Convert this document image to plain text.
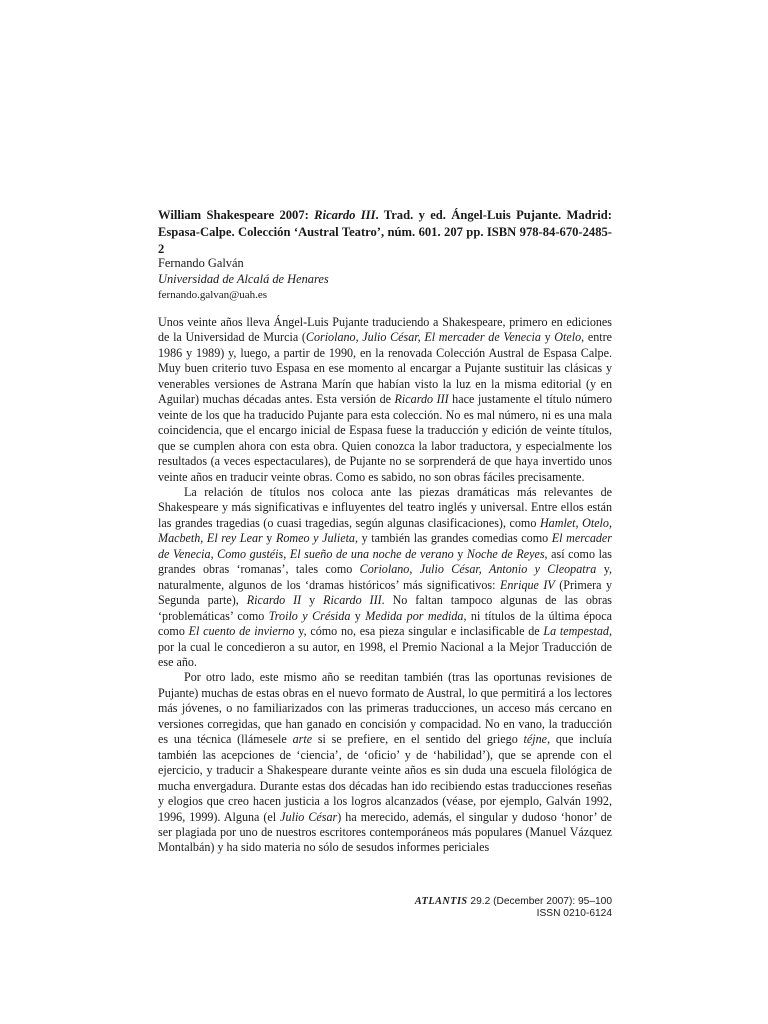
William Shakespeare 2007: Ricardo III. Trad. y ed. Ángel-Luis Pujante. Madrid: Espasa-Calpe. Colección ‘Austral Teatro’, núm. 601. 207 pp. ISBN 978-84-670-2485-2
Fernando Galván
Universidad de Alcalá de Henares
fernando.galvan@uah.es

Unos veinte años lleva Ángel-Luis Pujante traduciendo a Shakespeare, primero en ediciones de la Universidad de Murcia (Coriolano, Julio César, El mercader de Venecia y Otelo, entre 1986 y 1989) y, luego, a partir de 1990, en la renovada Colección Austral de Espasa Calpe. Muy buen criterio tuvo Espasa en ese momento al encargar a Pujante sustituir las clásicas y venerables versiones de Astrana Marín que habían visto la luz en la misma editorial (y en Aguilar) muchas décadas antes. Esta versión de Ricardo III hace justamente el título número veinte de los que ha traducido Pujante para esta colección. No es mal número, ni es una mala coincidencia, que el encargo inicial de Espasa fuese la traducción y edición de veinte títulos, que se cumplen ahora con esta obra. Quien conozca la labor traductora, y especialmente los resultados (a veces espectaculares), de Pujante no se sorprenderá de que haya invertido unos veinte años en traducir veinte obras. Como es sabido, no son obras fáciles precisamente.

La relación de títulos nos coloca ante las piezas dramáticas más relevantes de Shakespeare y más significativas e influyentes del teatro inglés y universal. Entre ellos están las grandes tragedias (o cuasi tragedias, según algunas clasificaciones), como Hamlet, Otelo, Macbeth, El rey Lear y Romeo y Julieta, y también las grandes comedias como El mercader de Venecia, Como gustéis, El sueño de una noche de verano y Noche de Reyes, así como las grandes obras ‘romanas’, tales como Coriolano, Julio César, Antonio y Cleopatra y, naturalmente, algunos de los ‘dramas históricos’ más significativos: Enrique IV (Primera y Segunda parte), Ricardo II y Ricardo III. No faltan tampoco algunas de las obras ‘problemáticas’ como Troilo y Crésida y Medida por medida, ni títulos de la última época como El cuento de invierno y, cómo no, esa pieza singular e inclasificable de La tempestad, por la cual le concedieron a su autor, en 1998, el Premio Nacional a la Mejor Traducción de ese año.

Por otro lado, este mismo año se reeditan también (tras las oportunas revisiones de Pujante) muchas de estas obras en el nuevo formato de Austral, lo que permitirá a los lectores más jóvenes, o no familiarizados con las primeras traducciones, un acceso más cercano en versiones corregidas, que han ganado en concisión y compacidad. No en vano, la traducción es una técnica (llámesele arte si se prefiere, en el sentido del griego téjne, que incluía también las acepciones de ‘ciencia’, de ‘oficio’ y de ‘habilidad’), que se aprende con el ejercicio, y traducir a Shakespeare durante veinte años es sin duda una escuela filológica de mucha envergadura. Durante estas dos décadas han ido recibiendo estas traducciones reseñas y elogios que creo hacen justicia a los logros alcanzados (véase, por ejemplo, Galván 1992, 1996, 1999). Alguna (el Julio César) ha merecido, además, el singular y dudoso ‘honor’ de ser plagiada por uno de nuestros escritores contemporáneos más populares (Manuel Vázquez Montalbán) y ha sido materia no sólo de sesudos informes periciales

ATLANTIS 29.2 (December 2007): 95–100
ISSN 0210-6124
